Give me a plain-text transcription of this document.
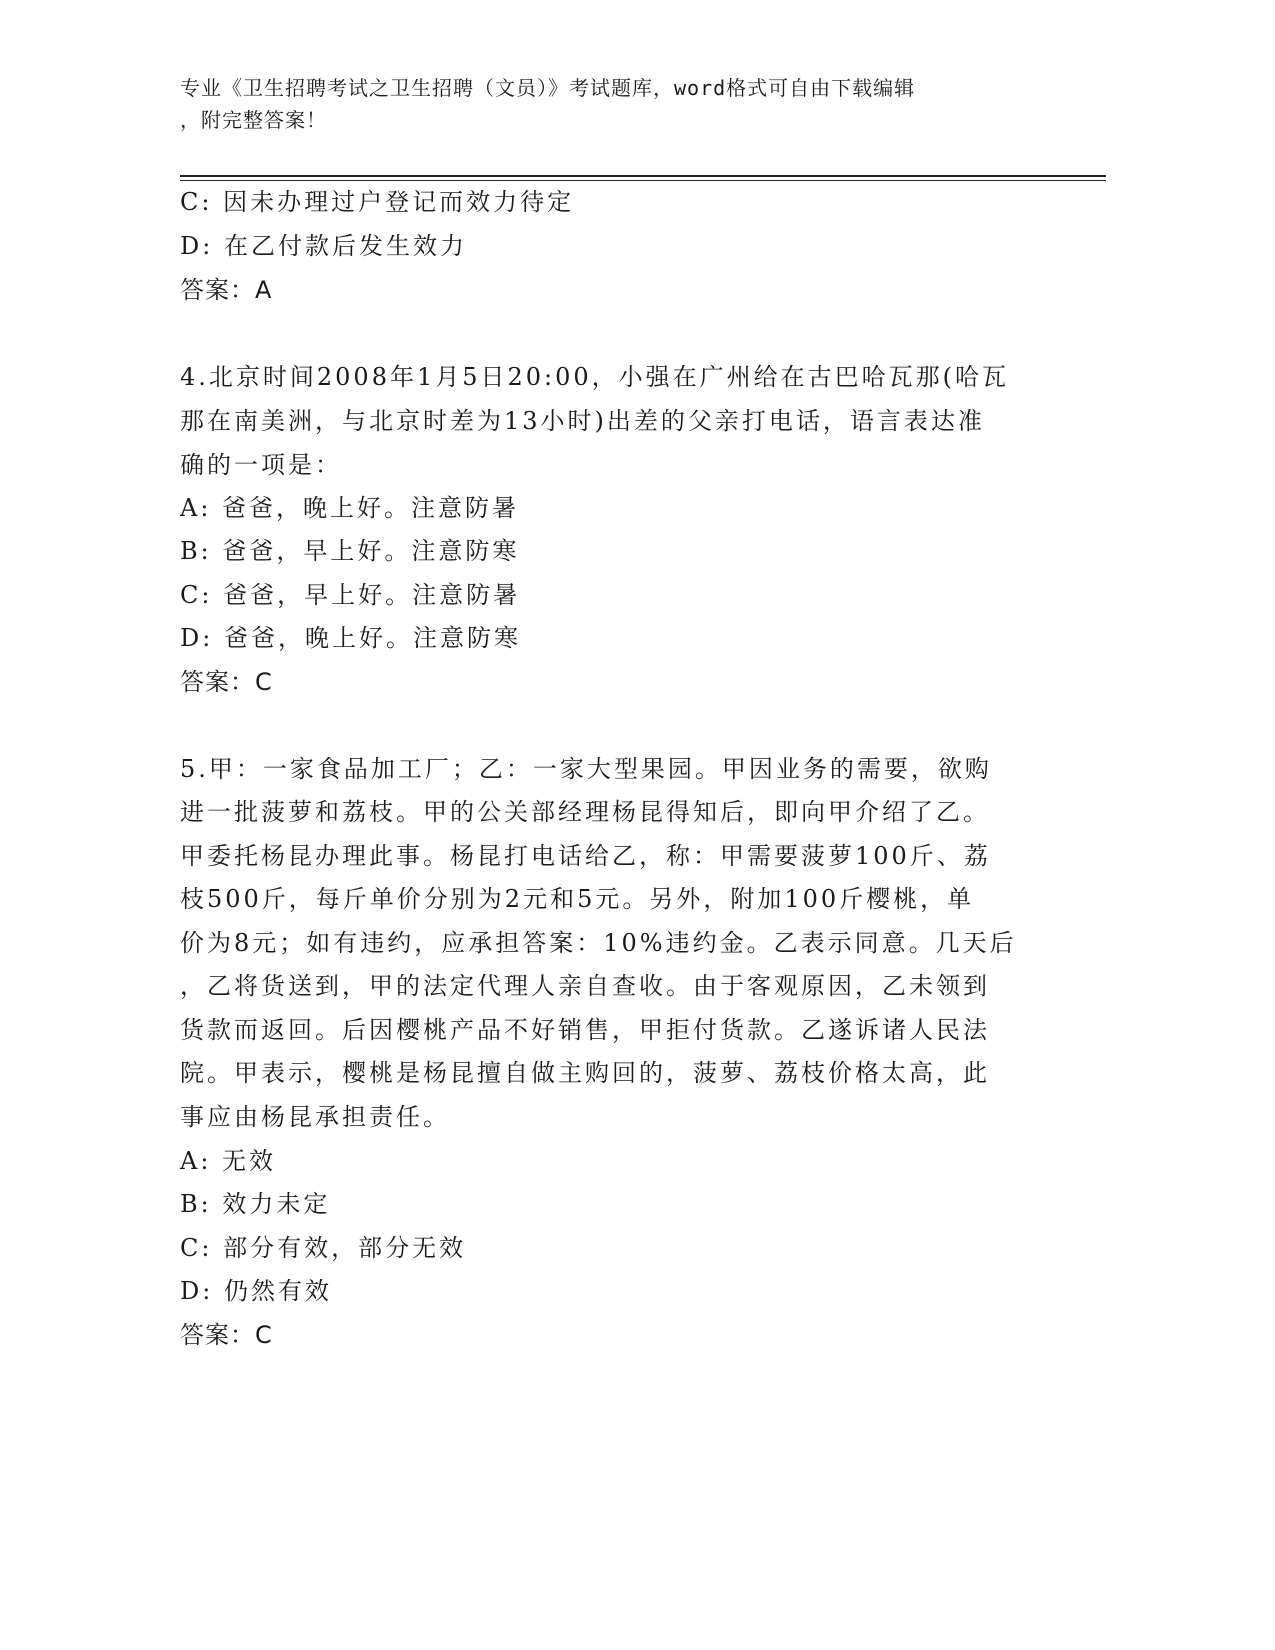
专业《卫生招聘考试之卫生招聘（文员）》考试题库，word格式可自由下载编辑
，附完整答案！
C: 因未办理过户登记而效力待定
D: 在乙付款后发生效力
答案：A
4.北京时间2008年1月5日20:00，小强在广州给在古巴哈瓦那(哈瓦
那在南美洲，与北京时差为13小时)出差的父亲打电话，语言表达准
确的一项是：
A: 爸爸，晚上好。注意防暑
B: 爸爸，早上好。注意防寒
C: 爸爸，早上好。注意防暑
D: 爸爸，晚上好。注意防寒
答案：C
5.甲：一家食品加工厂；乙：一家大型果园。甲因业务的需要，欲购
进一批菠萝和荔枝。甲的公关部经理杨昆得知后，即向甲介绍了乙。
甲委托杨昆办理此事。杨昆打电话给乙，称：甲需要菠萝100斤、荔
枝500斤，每斤单价分别为2元和5元。另外，附加100斤樱桃，单
价为8元；如有违约，应承担答案：10%违约金。乙表示同意。几天后
，乙将货送到，甲的法定代理人亲自查收。由于客观原因，乙未领到
货款而返回。后因樱桃产品不好销售，甲拒付货款。乙遂诉诸人民法
院。甲表示，樱桃是杨昆擅自做主购回的，菠萝、荔枝价格太高，此
事应由杨昆承担责任。
A: 无效
B: 效力未定
C: 部分有效，部分无效
D: 仍然有效
答案：C
